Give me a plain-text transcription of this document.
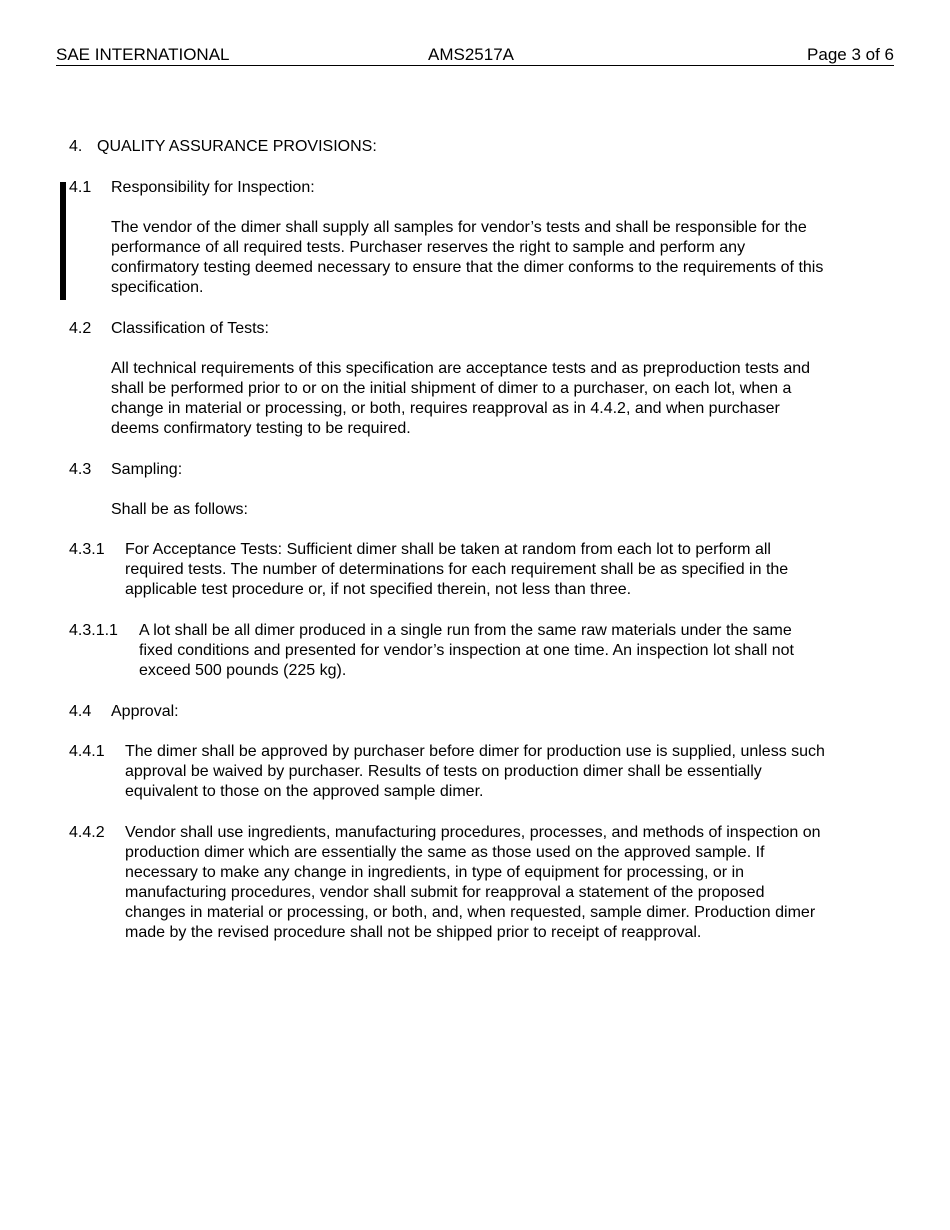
SAE INTERNATIONAL	AMS2517A	Page 3 of 6
4. QUALITY ASSURANCE PROVISIONS:
4.1 Responsibility for Inspection:
The vendor of the dimer shall supply all samples for vendor’s tests and shall be responsible for the
performance of all required tests. Purchaser reserves the right to sample and perform any
confirmatory testing deemed necessary to ensure that the dimer conforms to the requirements of this
specification.
4.2 Classification of Tests:
All technical requirements of this specification are acceptance tests and as preproduction tests and
shall be performed prior to or on the initial shipment of dimer to a purchaser, on each lot, when a
change in material or processing, or both, requires reapproval as in 4.4.2, and when purchaser
deems confirmatory testing to be required.
4.3 Sampling:
Shall be as follows:
4.3.1 For Acceptance Tests: Sufficient dimer shall be taken at random from each lot to perform all
required tests. The number of determinations for each requirement shall be as specified in the
applicable test procedure or, if not specified therein, not less than three.
4.3.1.1 A lot shall be all dimer produced in a single run from the same raw materials under the same
fixed conditions and presented for vendor’s inspection at one time. An inspection lot shall not
exceed 500 pounds (225 kg).
4.4 Approval:
4.4.1 The dimer shall be approved by purchaser before dimer for production use is supplied, unless such
approval be waived by purchaser. Results of tests on production dimer shall be essentially
equivalent to those on the approved sample dimer.
4.4.2 Vendor shall use ingredients, manufacturing procedures, processes, and methods of inspection on
production dimer which are essentially the same as those used on the approved sample. If
necessary to make any change in ingredients, in type of equipment for processing, or in
manufacturing procedures, vendor shall submit for reapproval a statement of the proposed
changes in material or processing, or both, and, when requested, sample dimer. Production dimer
made by the revised procedure shall not be shipped prior to receipt of reapproval.
